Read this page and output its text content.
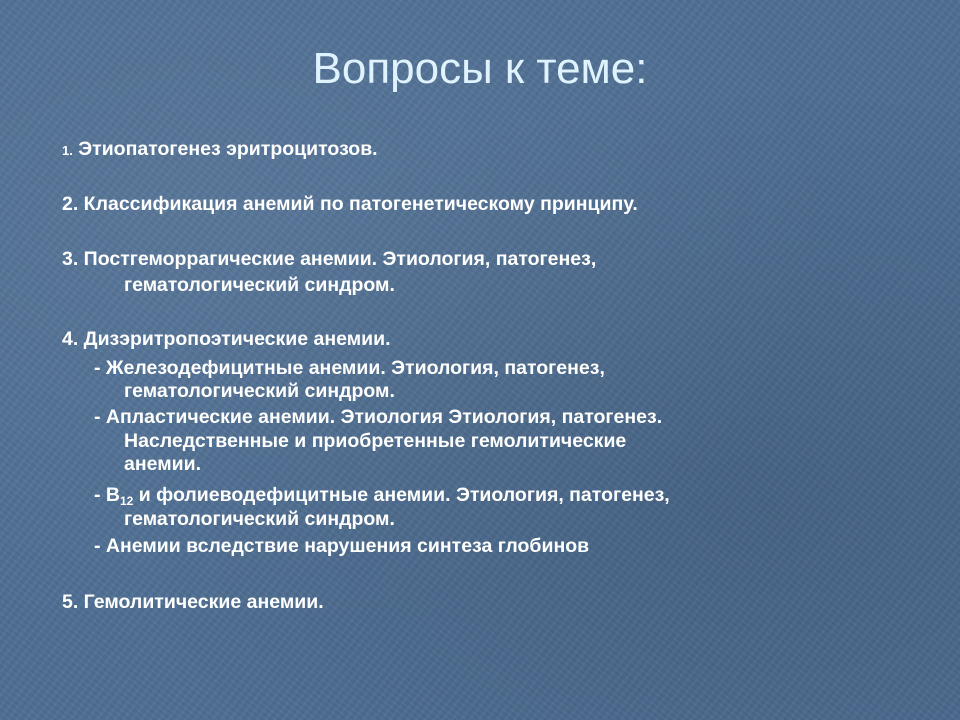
Вопросы к теме:
1. Этиопатогенез эритроцитозов.
2. Классификация анемий по патогенетическому принципу.
3. Постгеморрагические анемии. Этиология, патогенез,
гематологический синдром.
4. Дизэритропоэтические анемии.
- Железодефицитные анемии. Этиология, патогенез,
гематологический синдром.
- Апластические анемии. Этиология Этиология, патогенез.
Наследственные и приобретенные гемолитические
анемии.
- $B_{12}$ и фолиеводефицитные анемии. Этиология, патогенез,
гематологический синдром.
- Анемии вследствие нарушения синтеза глобинов
5. Гемолитические анемии.
